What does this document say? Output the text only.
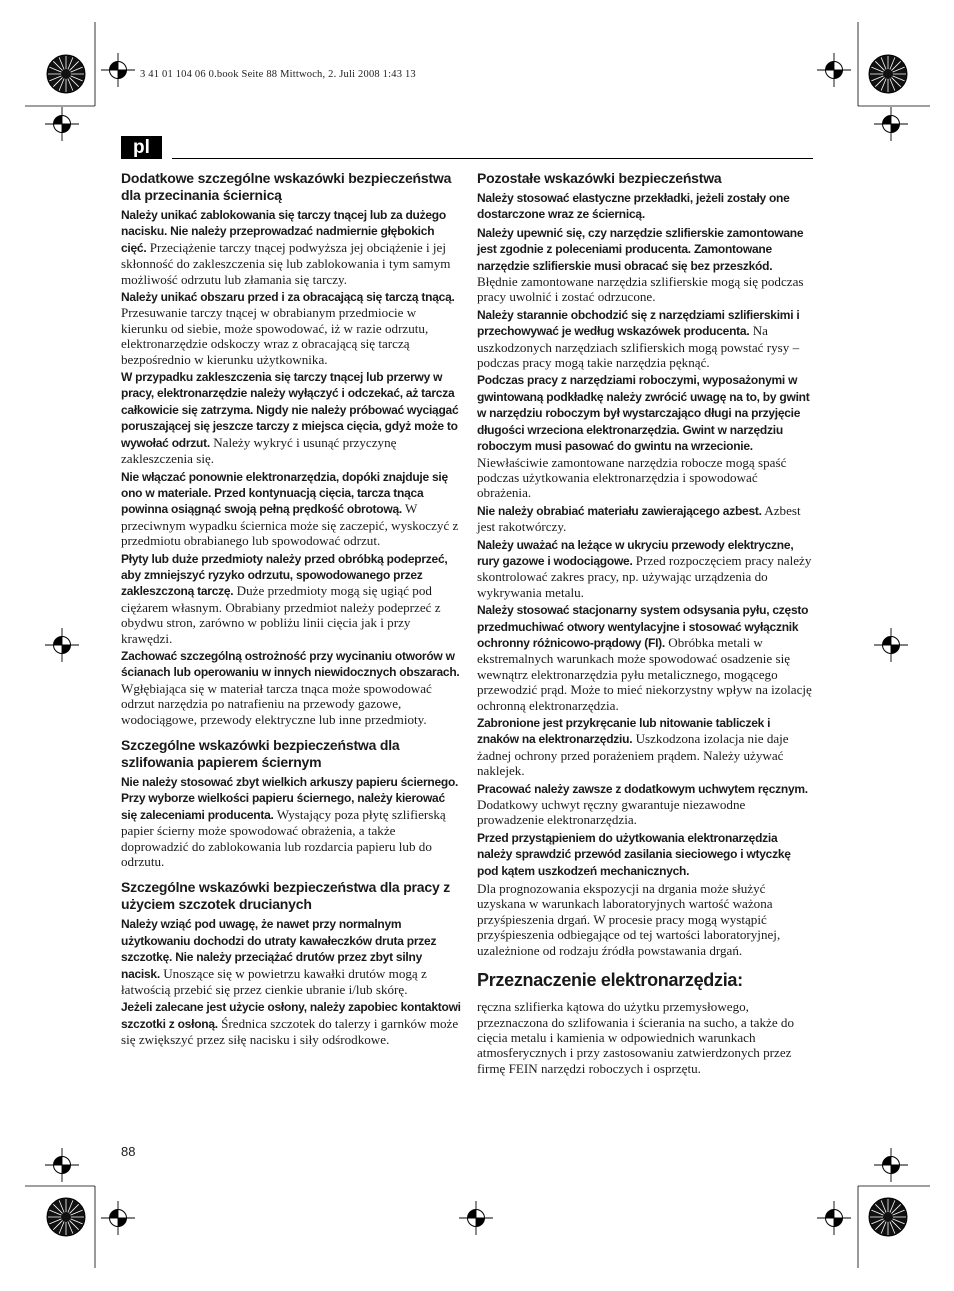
3 41 01 104 06 0.book Seite 88 Mittwoch, 2. Juli 2008 1:43 13
pl
Dodatkowe szczególne wskazówki bezpieczeństwa dla przecinania ściernicą

Należy unikać zablokowania się tarczy tnącej lub za dużego nacisku. Nie należy przeprowadzać nadmiernie głębokich cięć. Przeciążenie tarczy tnącej podwyższa jej obciążenie i jej skłonność do zakleszczenia się lub zablokowania i tym samym możliwość odrzutu lub złamania się tarczy.

Należy unikać obszaru przed i za obracającą się tarczą tnącą. Przesuwanie tarczy tnącej w obrabianym przedmiocie w kierunku od siebie, może spowodować, iż w razie odrzutu, elektronarzędzie odskoczy wraz z obracającą się tarczą bezpośrednio w kierunku użytkownika.

W przypadku zakleszczenia się tarczy tnącej lub przerwy w pracy, elektronarzędzie należy wyłączyć i odczekać, aż tarcza całkowicie się zatrzyma. Nigdy nie należy próbować wyciągać poruszającej się jeszcze tarczy z miejsca cięcia, gdyż może to wywołać odrzut. Należy wykryć i usunąć przyczynę zakleszczenia się.

Nie włączać ponownie elektronarzędzia, dopóki znajduje się ono w materiale. Przed kontynuacją cięcia, tarcza tnąca powinna osiągnąć swoją pełną prędkość obrotową. W przeciwnym wypadku ściernica może się zaczepić, wyskoczyć z przedmiotu obrabianego lub spowodować odrzut.

Płyty lub duże przedmioty należy przed obróbką podeprzeć, aby zmniejszyć ryzyko odrzutu, spowodowanego przez zakleszczoną tarczę. Duże przedmioty mogą się ugiąć pod ciężarem własnym. Obrabiany przedmiot należy podeprzeć z obydwu stron, zarówno w pobliżu linii cięcia jak i przy krawędzi.

Zachować szczególną ostrożność przy wycinaniu otworów w ścianach lub operowaniu w innych niewidocznych obszarach. Wgłębiająca się w materiał tarcza tnąca może spowodować odrzut narzędzia po natrafieniu na przewody gazowe, wodociągowe, przewody elektryczne lub inne przedmioty.

Szczególne wskazówki bezpieczeństwa dla szlifowania papierem ściernym

Nie należy stosować zbyt wielkich arkuszy papieru ściernego. Przy wyborze wielkości papieru ściernego, należy kierować się zaleceniami producenta. Wystający poza płytę szlifierską papier ścierny może spowodować obrażenia, a także doprowadzić do zablokowania lub rozdarcia papieru lub do odrzutu.

Szczególne wskazówki bezpieczeństwa dla pracy z użyciem szczotek drucianych

Należy wziąć pod uwagę, że nawet przy normalnym użytkowaniu dochodzi do utraty kawałeczków druta przez szczotkę. Nie należy przeciążać drutów przez zbyt silny nacisk. Unoszące się w powietrzu kawałki drutów mogą z łatwością przebić się przez cienkie ubranie i/lub skórę.

Jeżeli zalecane jest użycie osłony, należy zapobiec kontaktowi szczotki z osłoną. Średnica szczotek do talerzy i garnków może się zwiększyć przez siłę nacisku i siły odśrodkowe.

Pozostałe wskazówki bezpieczeństwa

Należy stosować elastyczne przekładki, jeżeli zostały one dostarczone wraz ze ściernicą.

Należy upewnić się, czy narzędzie szlifierskie zamontowane jest zgodnie z poleceniami producenta. Zamontowane narzędzie szlifierskie musi obracać się bez przeszkód. Błędnie zamontowane narzędzia szlifierskie mogą się podczas pracy uwolnić i zostać odrzucone.

Należy starannie obchodzić się z narzędziami szlifierskimi i przechowywać je według wskazówek producenta. Na uszkodzonych narzędziach szlifierskich mogą powstać rysy – podczas pracy mogą takie narzędzia pęknąć.

Podczas pracy z narzędziami roboczymi, wyposażonymi w gwintowaną podkładkę należy zwrócić uwagę na to, by gwint w narzędziu roboczym był wystarczająco długi na przyjęcie długości wrzeciona elektronarzędzia. Gwint w narzędziu roboczym musi pasować do gwintu na wrzecionie. Niewłaściwie zamontowane narzędzia robocze mogą spaść podczas użytkowania elektronarzędzia i spowodować obrażenia.

Nie należy obrabiać materiału zawierającego azbest. Azbest jest rakotwórczy.

Należy uważać na leżące w ukryciu przewody elektryczne, rury gazowe i wodociągowe. Przed rozpoczęciem pracy należy skontrolować zakres pracy, np. używając urządzenia do wykrywania metalu.

Należy stosować stacjonarny system odsysania pyłu, często przedmuchiwać otwory wentylacyjne i stosować wyłącznik ochronny różnicowo-prądowy (FI). Obróbka metali w ekstremalnych warunkach może spowodować osadzenie się wewnątrz elektronarzędzia pyłu metalicznego, mogącego przewodzić prąd. Może to mieć niekorzystny wpływ na izolację ochronną elektronarzędzia.

Zabronione jest przykręcanie lub nitowanie tabliczek i znaków na elektronarzędziu. Uszkodzona izolacja nie daje żadnej ochrony przed porażeniem prądem. Należy używać naklejek.

Pracować należy zawsze z dodatkowym uchwytem ręcznym. Dodatkowy uchwyt ręczny gwarantuje niezawodne prowadzenie elektronarzędzia.

Przed przystąpieniem do użytkowania elektronarzędzia należy sprawdzić przewód zasilania sieciowego i wtyczkę pod kątem uszkodzeń mechanicznych.

Dla prognozowania ekspozycji na drgania może służyć uzyskana w warunkach laboratoryjnych wartość ważona przyśpieszenia drgań. W procesie pracy mogą wystąpić przyśpieszenia odbiegające od tej wartości laboratoryjnej, uzależnione od rodzaju źródła powstawania drgań.

Przeznaczenie elektronarzędzia:

ręczna szlifierka kątowa do użytku przemysłowego, przeznaczona do szlifowania i ścierania na sucho, a także do cięcia metalu i kamienia w odpowiednich warunkach atmosferycznych i przy zastosowaniu zatwierdzonych przez firmę FEIN narzędzi roboczych i osprzętu.

88
